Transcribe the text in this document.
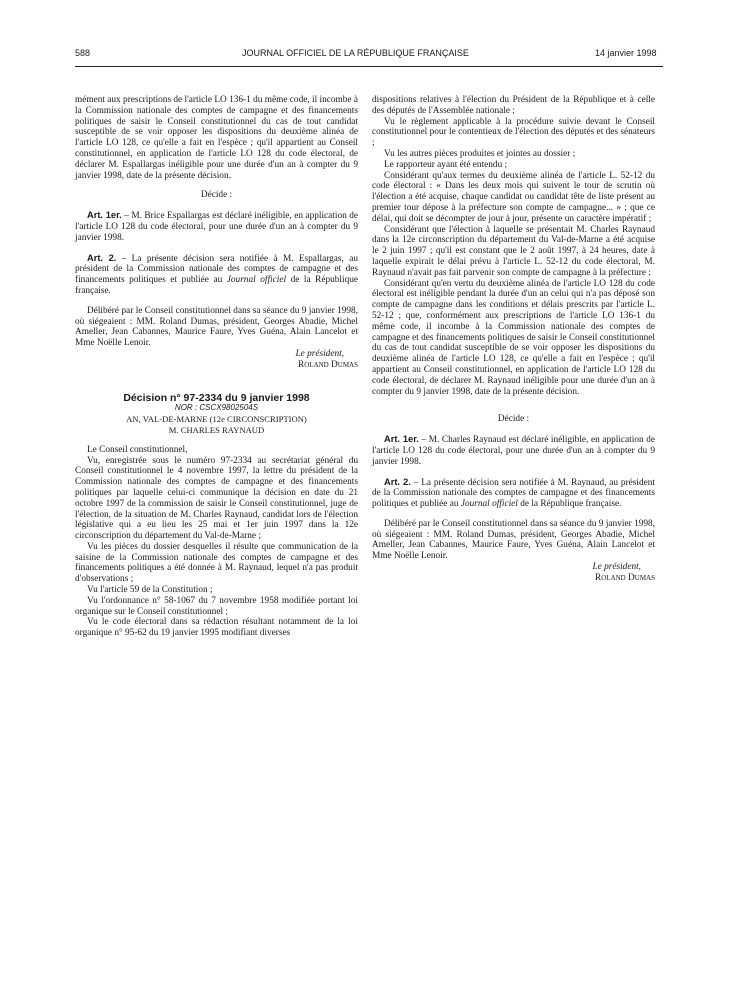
588	JOURNAL OFFICIEL DE LA RÉPUBLIQUE FRANÇAISE	14 janvier 1998

mément aux prescriptions de l'article LO 136-1 du même code, il incombe à la Commission nationale des comptes de campagne et des financements politiques de saisir le Conseil constitutionnel du cas de tout candidat susceptible de se voir opposer les dispositions du deuxième alinéa de l'article LO 128, ce qu'elle a fait en l'espèce ; qu'il appartient au Conseil constitutionnel, en application de l'article LO 128 du code électoral, de déclarer M. Espallargas inéligible pour une durée d'un an à compter du 9 janvier 1998, date de la présente décision.

Décide :

Art. 1er. – M. Brice Espallargas est déclaré inéligible, en application de l'article LO 128 du code électoral, pour une durée d'un an à compter du 9 janvier 1998.

Art. 2. – La présente décision sera notifiée à M. Espallargas, au président de la Commission nationale des comptes de campagne et des financements politiques et publiée au Journal officiel de la République française.

Délibéré par le Conseil constitutionnel dans sa séance du 9 janvier 1998, où siégeaient : MM. Roland Dumas, président, Georges Abadie, Michel Ameller, Jean Cabannes, Maurice Faure, Yves Guéna, Alain Lancelot et Mme Noëlle Lenoir.

Le président,

Roland Dumas

Décision n° 97-2334 du 9 janvier 1998

NOR : CSCX9802504S

AN, VAL-DE-MARNE (12e CIRCONSCRIPTION)

M. CHARLES RAYNAUD

Le Conseil constitutionnel,

Vu, enregistrée sous le numéro 97-2334 au secrétariat général du Conseil constitutionnel le 4 novembre 1997, la lettre du président de la Commission nationale des comptes de campagne et des financements politiques par laquelle celui-ci communique la décision en date du 21 octobre 1997 de la commission de saisir le Conseil constitutionnel, juge de l'élection, de la situation de M. Charles Raynaud, candidat lors de l'élection législative qui a eu lieu les 25 mai et 1er juin 1997 dans la 12e circonscription du département du Val-de-Marne ;

Vu les pièces du dossier desquelles il résulte que communication de la saisine de la Commission nationale des comptes de campagne et des financements politiques a été donnée à M. Raynaud, lequel n'a pas produit d'observations ;

Vu l'article 59 de la Constitution ;

Vu l'ordonnance n° 58-1067 du 7 novembre 1958 modifiée portant loi organique sur le Conseil constitutionnel ;

Vu le code électoral dans sa rédaction résultant notamment de la loi organique n° 95-62 du 19 janvier 1995 modifiant diverses

dispositions relatives à l'élection du Président de la République et à celle des députés de l'Assemblée nationale ;

Vu le règlement applicable à la procédure suivie devant le Conseil constitutionnel pour le contentieux de l'élection des députés et des sénateurs ;

Vu les autres pièces produites et jointes au dossier ;

Le rapporteur ayant été entendu ;

Considérant qu'aux termes du deuxième alinéa de l'article L. 52-12 du code électoral : « Dans les deux mois qui suivent le tour de scrutin où l'élection a été acquise, chaque candidat ou candidat tête de liste présent au premier tour dépose à la préfecture son compte de campagne... » ; que ce délai, qui doit se décompter de jour à jour, présente un caractère impératif ;

Considérant que l'élection à laquelle se présentait M. Charles Raynaud dans la 12e circonscription du département du Val-de-Marne a été acquise le 2 juin 1997 ; qu'il est constant que le 2 août 1997, à 24 heures, date à laquelle expirait le délai prévu à l'article L. 52-12 du code électoral, M. Raynaud n'avait pas fait parvenir son compte de campagne à la préfecture ;

Considérant qu'en vertu du deuxième alinéa de l'article LO 128 du code électoral est inéligible pendant la durée d'un an celui qui n'a pas déposé son compte de campagne dans les conditions et délais prescrits par l'article L. 52-12 ; que, conformément aux prescriptions de l'article LO 136-1 du même code, il incombe à la Commission nationale des comptes de campagne et des financements politiques de saisir le Conseil constitutionnel du cas de tout candidat susceptible de se voir opposer les dispositions du deuxième alinéa de l'article LO 128, ce qu'elle a fait en l'espèce ; qu'il appartient au Conseil constitutionnel, en application de l'article LO 128 du code électoral, de déclarer M. Raynaud inéligible pour une durée d'un an à compter du 9 janvier 1998, date de la présente décision.

Décide :

Art. 1er. – M. Charles Raynaud est déclaré inéligible, en application de l'article LO 128 du code électoral, pour une durée d'un an à compter du 9 janvier 1998.

Art. 2. – La présente décision sera notifiée à M. Raynaud, au président de la Commission nationale des comptes de campagne et des financements politiques et publiée au Journal officiel de la République française.

Délibéré par le Conseil constitutionnel dans sa séance du 9 janvier 1998, où siégeaient : MM. Roland Dumas, président, Georges Abadie, Michel Ameller, Jean Cabannes, Maurice Faure, Yves Guéna, Alain Lancelot et Mme Noëlle Lenoir.

Le président,

Roland Dumas
